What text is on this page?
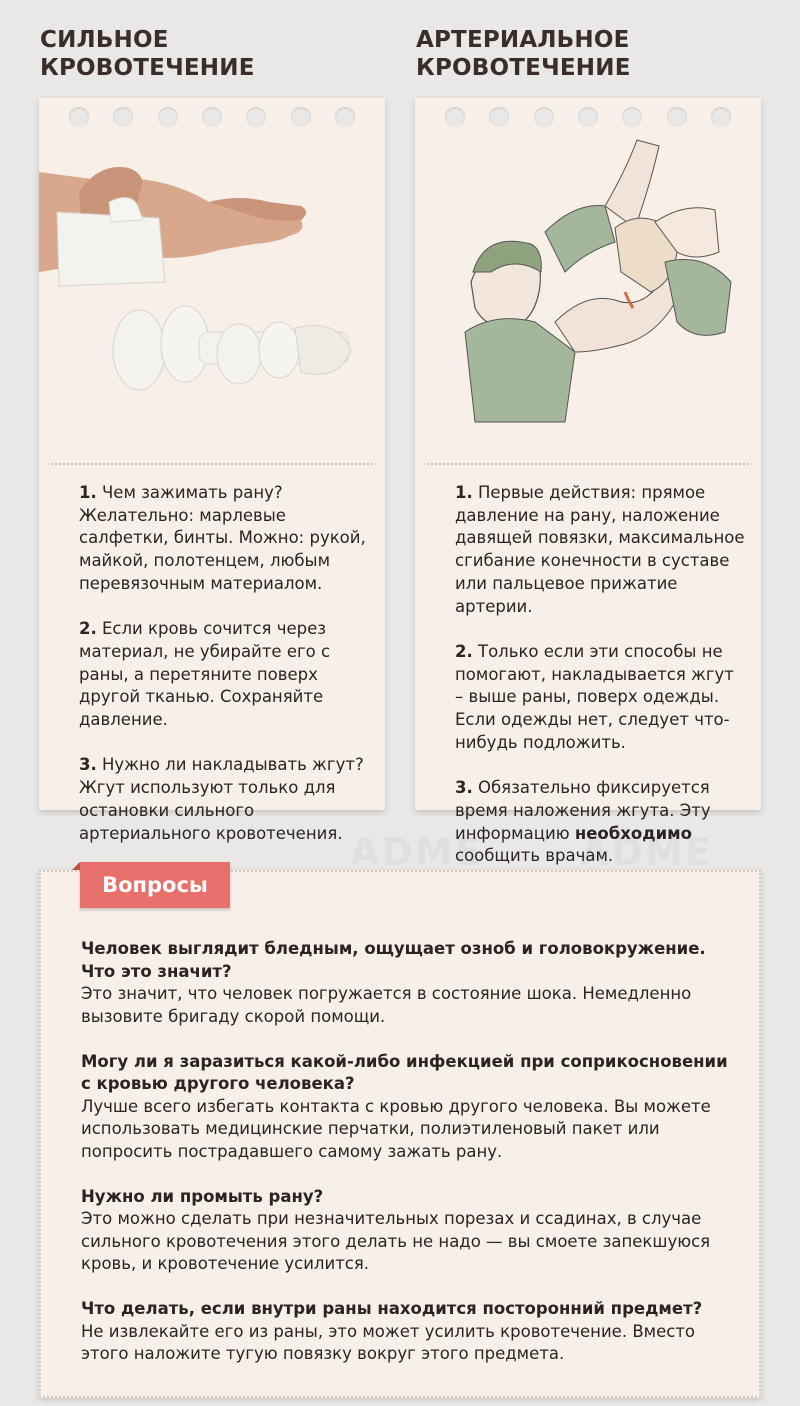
СИЛЬНОЕ
КРОВОТЕЧЕНИЕ
1. Чем зажимать рану? Желательно: марлевые салфетки, бинты. Можно: рукой, майкой, полотенцем, любым перевязочным материалом.
2. Если кровь сочится через материал, не убирайте его с раны, а перетяните поверх другой тканью. Сохраняйте давление.
3. Нужно ли накладывать жгут? Жгут используют только для остановки сильного артериального кровотечения.
АРТЕРИАЛЬНОЕ
КРОВОТЕЧЕНИЕ
1. Первые действия: прямое давление на рану, наложение давящей повязки, максимальное сгибание конечности в суставе или пальцевое прижатие артерии.
2. Только если эти способы не помогают, накладывается жгут – выше раны, поверх одежды. Если одежды нет, следует что-нибудь подложить.
3. Обязательно фиксируется время наложения жгута. Эту информацию необходимо сообщить врачам.
Вопросы
Человек выглядит бледным, ощущает озноб и головокружение. Что это значит?
Это значит, что человек погружается в состояние шока. Немедленно вызовите бригаду скорой помощи.
Могу ли я заразиться какой-либо инфекцией при соприкосновении с кровью другого человека?
Лучше всего избегать контакта с кровью другого человека. Вы можете использовать медицинские перчатки, полиэтиленовый пакет или попросить пострадавшего самому зажать рану.
Нужно ли промыть рану?
Это можно сделать при незначительных порезах и ссадинах, в случае сильного кровотечения этого делать не надо — вы смоете запекшуюся кровь, и кровотечение усилится.
Что делать, если внутри раны находится посторонний предмет?
Не извлекайте его из раны, это может усилить кровотечение. Вместо этого наложите тугую повязку вокруг этого предмета.
